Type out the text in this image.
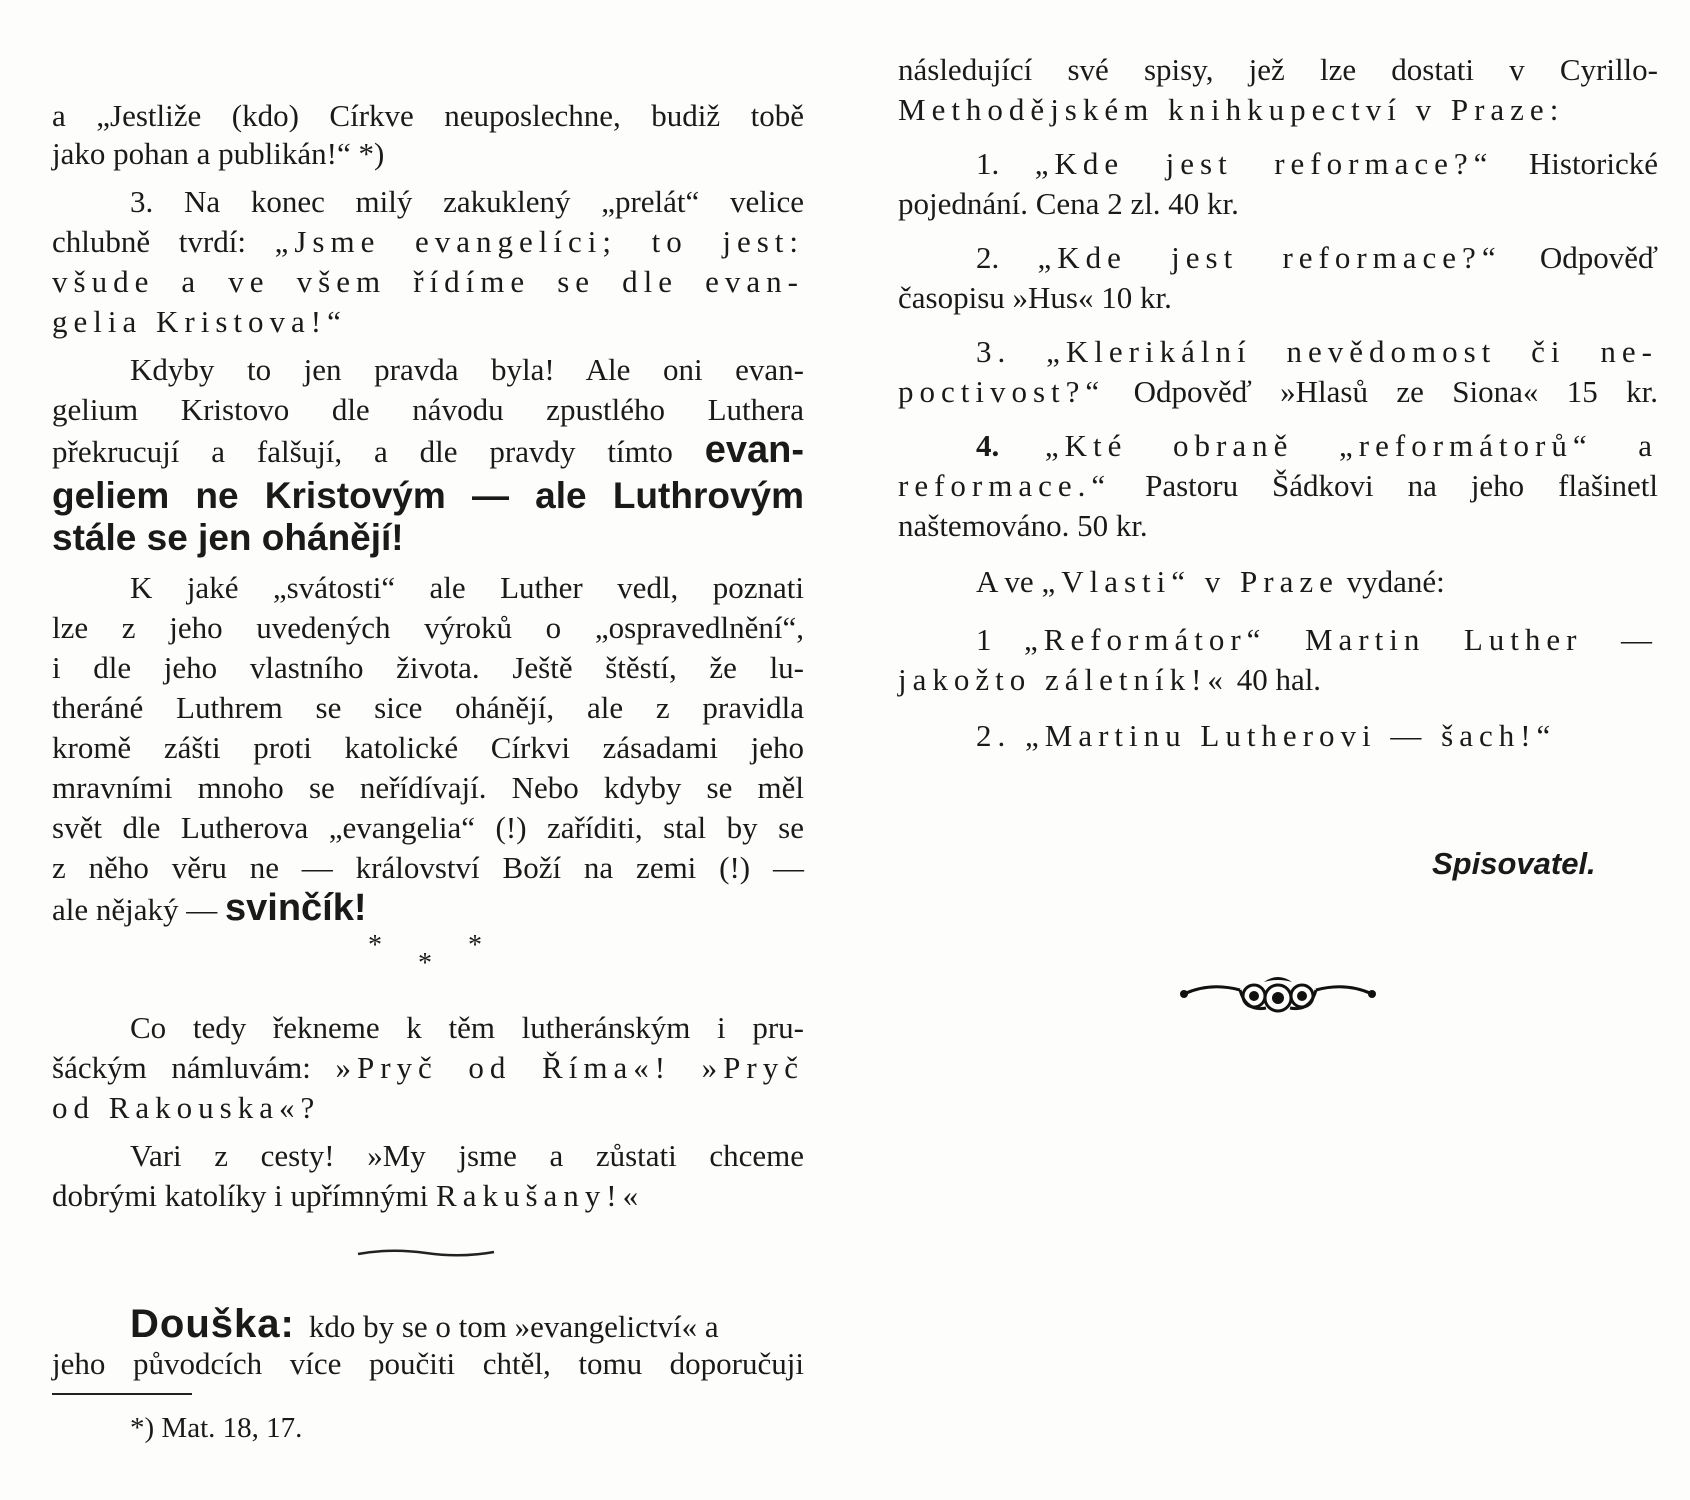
a „Jestliže (kdo) Církve neuposlechne, budiž tobě
jako pohan a publikán!“ *)
3. Na konec milý zakuklený „prelát“ velice
chlubně tvrdí: „Jsme evangelíci; to jest:
všude a ve všem řídíme se dle evan-
gelia Kristova!“
Kdyby to jen pravda byla! Ale oni evan-
gelium Kristovo dle návodu zpustlého Luthera
překrucují a falšují, a dle pravdy tímto evan-
geliem ne Kristovým — ale Luthrovým
stále se jen ohánějí!
K jaké „svátosti“ ale Luther vedl, poznati
lze z jeho uvedených výroků o „ospravedlnění“,
i dle jeho vlastního života. Ještě štěstí, že lu-
theráné Luthrem se sice ohánějí, ale z pravidla
kromě zášti proti katolické Církvi zásadami jeho
mravními mnoho se neřídívají. Nebo kdyby se měl
svět dle Lutherova „evangelia“ (!) zaříditi, stal by se
z něho věru ne — království Boží na zemi (!) —
ale nějaký — svinčík!
*
*
*
Co tedy řekneme k těm lutheránským i pru-
šáckým námluvám: »Pryč od Říma«! »Pryč
od Rakouska«?
Vari z cesty! »My jsme a zůstati chceme
dobrými katolíky i upřímnými Rakušany!«
Douška: kdo by se o tom »evangelictví« a
jeho původcích více poučiti chtěl, tomu doporučuji
*) Mat. 18, 17.
následující své spisy, jež lze dostati v Cyrillo-
Methodějském knihkupectví v Praze:
1. „Kde jest reformace?“ Historické
pojednání. Cena 2 zl. 40 kr.
2. „Kde jest reformace?“ Odpověď
časopisu »Hus« 10 kr.
3. „Klerikální nevědomost či ne-
poctivost?“ Odpověď »Hlasů ze Siona« 15 kr.
4. „Kté obraně „reformátorů“ a
reformace.“ Pastoru Šádkovi na jeho flašinetl
naštemováno. 50 kr.
A ve „Vlasti“ v Praze vydané:
1 „Reformátor“ Martin Luther —
jakožto záletník!« 40 hal.
2. „Martinu Lutherovi — šach!“
Spisovatel.
